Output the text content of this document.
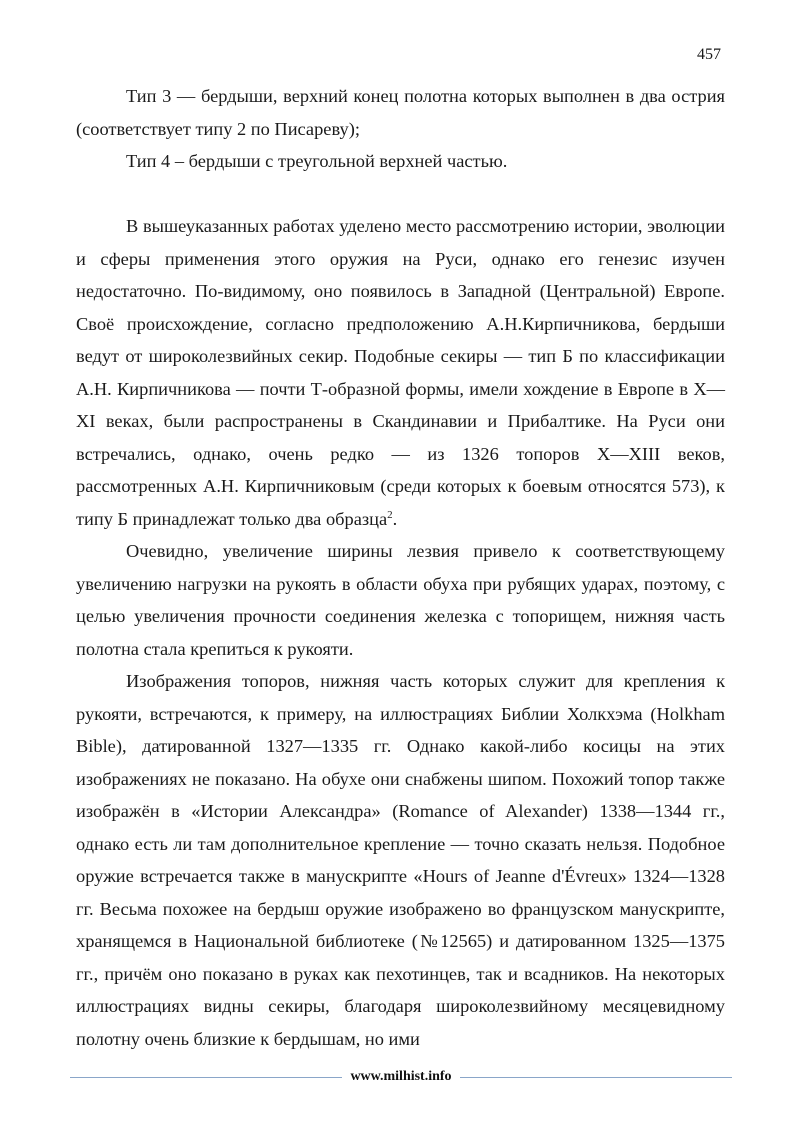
457

Тип 3 — бердыши, верхний конец полотна которых выполнен в два острия (соответствует типу 2 по Писареву);

Тип 4 – бердыши с треугольной верхней частью.

В вышеуказанных работах уделено место рассмотрению истории, эволюции и сферы применения этого оружия на Руси, однако его генезис изучен недостаточно. По-видимому, оно появилось в Западной (Центральной) Европе. Своё происхождение, согласно предположению А.Н.Кирпичникова, бердыши ведут от широколезвийных секир. Подобные секиры — тип Б по классификации А.Н. Кирпичникова — почти Т-образной формы, имели хождение в Европе в X—XI веках, были распространены в Скандинавии и Прибалтике. На Руси они встречались, однако, очень редко — из 1326 топоров X—XIII веков, рассмотренных А.Н. Кирпичниковым (среди которых к боевым относятся 573), к типу Б принадлежат только два образца$^2$.

Очевидно, увеличение ширины лезвия привело к соответствующему увеличению нагрузки на рукоять в области обуха при рубящих ударах, поэтому, с целью увеличения прочности соединения железка с топорищем, нижняя часть полотна стала крепиться к рукояти.

Изображения топоров, нижняя часть которых служит для крепления к рукояти, встречаются, к примеру, на иллюстрациях Библии Холкхэма (Holkham Bible), датированной 1327—1335 гг. Однако какой-либо косицы на этих изображениях не показано. На обухе они снабжены шипом. Похожий топор также изображён в «Истории Александра» (Romance of Alexander) 1338—1344 гг., однако есть ли там дополнительное крепление — точно сказать нельзя. Подобное оружие встречается также в манускрипте «Hours of Jeanne d'Évreux» 1324—1328 гг. Весьма похожее на бердыш оружие изображено во французском манускрипте, хранящемся в Национальной библиотеке (№12565) и датированном 1325—1375 гг., причём оно показано в руках как пехотинцев, так и всадников. На некоторых иллюстрациях видны секиры, благодаря широколезвийному месяцевидному полотну очень близкие к бердышам, но ими

www.milhist.info
